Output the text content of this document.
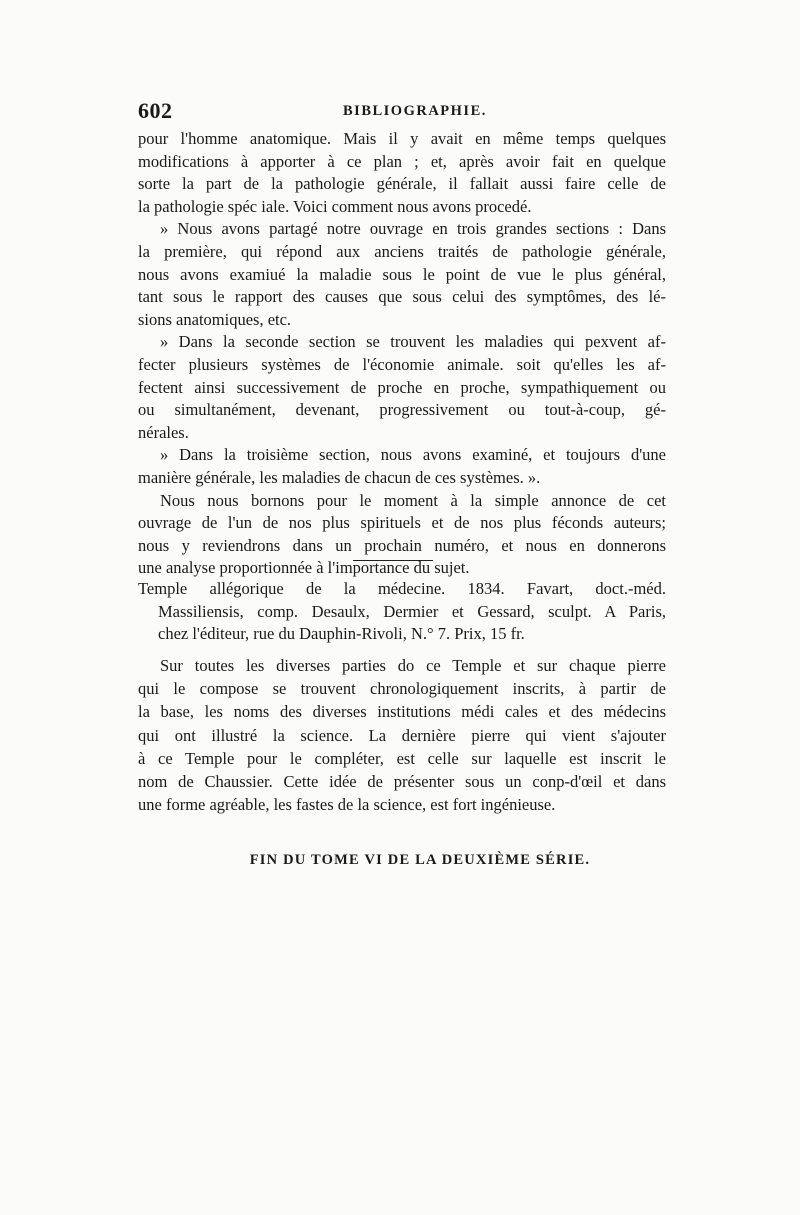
602	BIBLIOGRAPHIE.
pour l'homme anatomique. Mais il y avait en même temps quelques
modifications à apporter à ce plan ; et, après avoir fait en quelque
sorte la part de la pathologie générale, il fallait aussi faire celle de
la pathologie spéc iale. Voici comment nous avons procedé.
» Nous avons partagé notre ouvrage en trois grandes sections : Dans
la première, qui répond aux anciens traités de pathologie générale,
nous avons examiué la maladie sous le point de vue le plus général,
tant sous le rapport des causes que sous celui des symptômes, des lé-
sions anatomiques, etc.
» Dans la seconde section se trouvent les maladies qui pexvent af-
fecter plusieurs systèmes de l'économie animale. soit qu'elles les af-
fectent ainsi successivement de proche en proche, sympathiquement ou
ou simultanément, devenant, progressivement ou tout-à-coup, gé-
nérales.
» Dans la troisième section, nous avons examiné, et toujours d'une
manière générale, les maladies de chacun de ces systèmes. ».
Nous nous bornons pour le moment à la simple annonce de cet
ouvrage de l'un de nos plus spirituels et de nos plus féconds auteurs;
nous y reviendrons dans un prochain numéro, et nous en donnerons
une analyse proportionnée à l'importance du sujet.
Temple allégorique de la médecine. 1834. Favart, doct.-méd.
Massiliensis, comp. Desaulx, Dermier et Gessard, sculpt. A Paris,
chez l'éditeur, rue du Dauphin-Rivoli, N.° 7. Prix, 15 fr.
Sur toutes les diverses parties do ce Temple et sur chaque pierre
qui le compose se trouvent chronologiquement inscrits, à partir de
la base, les noms des diverses institutions médi cales et des médecins
qui ont illustré la science. La dernière pierre qui vient s'ajouter
à ce Temple pour le compléter, est celle sur laquelle est inscrit le
nom de Chaussier. Cette idée de présenter sous un conp-d'œil et dans
une forme agréable, les fastes de la science, est fort ingénieuse.
FIN DU TOME VI DE LA DEUXIÈME SÉRIE.
